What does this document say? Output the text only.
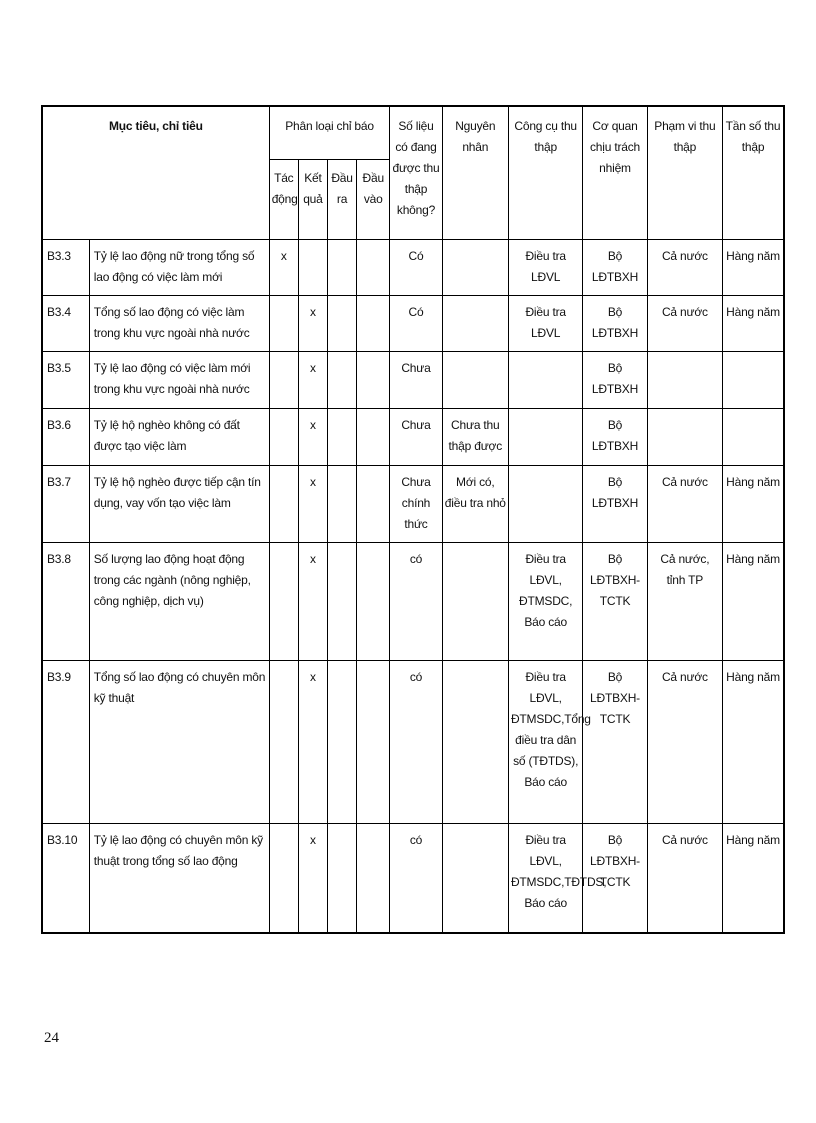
Mục tiêu, chỉ tiêu		Phân loại chỉ báo				Số liệu có đang được thu thập không?	Nguyên nhân	Công cụ thu thập	Cơ quan chịu trách nhiệm	Phạm vi thu thập	Tần số thu thập
		Tác động	Kết quả	Đầu ra	Đầu vào						
B3.3	Tỷ lệ lao động nữ trong tổng số lao động có việc làm mới	x				Có		Điều tra LĐVL	Bộ LĐTBXH	Cả nước	Hàng năm
B3.4	Tổng số lao động có việc làm trong khu vực ngoài nhà nước		x			Có		Điều tra LĐVL	Bộ LĐTBXH	Cả nước	Hàng năm
B3.5	Tỷ lệ lao động có việc làm mới trong khu vực ngoài nhà nước		x			Chưa			Bộ LĐTBXH		
B3.6	Tỷ lệ hộ nghèo không có đất được tạo việc làm		x			Chưa	Chưa thu thập được		Bộ LĐTBXH		
B3.7	Tỷ lệ hộ nghèo được tiếp cận tín dụng, vay vốn tạo việc làm		x			Chưa chính thức	Mới có, điều tra nhỏ		Bộ LĐTBXH	Cả nước	Hàng năm
B3.8	Số lượng lao động hoạt động trong các ngành (nông nghiệp, công nghiệp, dịch vụ)		x			có		Điều tra LĐVL, ĐTMSDC, Báo cáo	Bộ LĐTBXH-TCTK	Cả nước, tỉnh TP	Hàng năm
B3.9	Tổng số lao động có chuyên môn kỹ thuật		x			có		Điều tra LĐVL, ĐTMSDC,Tổng điều tra dân số (TĐTDS), Báo cáo	Bộ LĐTBXH-TCTK	Cả nước	Hàng năm
B3.10	Tỷ lệ lao động có chuyên môn kỹ thuật trong tổng số lao động		x			có		Điều tra LĐVL, ĐTMSDC,TĐTDS, Báo cáo	Bộ LĐTBXH-TCTK	Cả nước	Hàng năm
24
